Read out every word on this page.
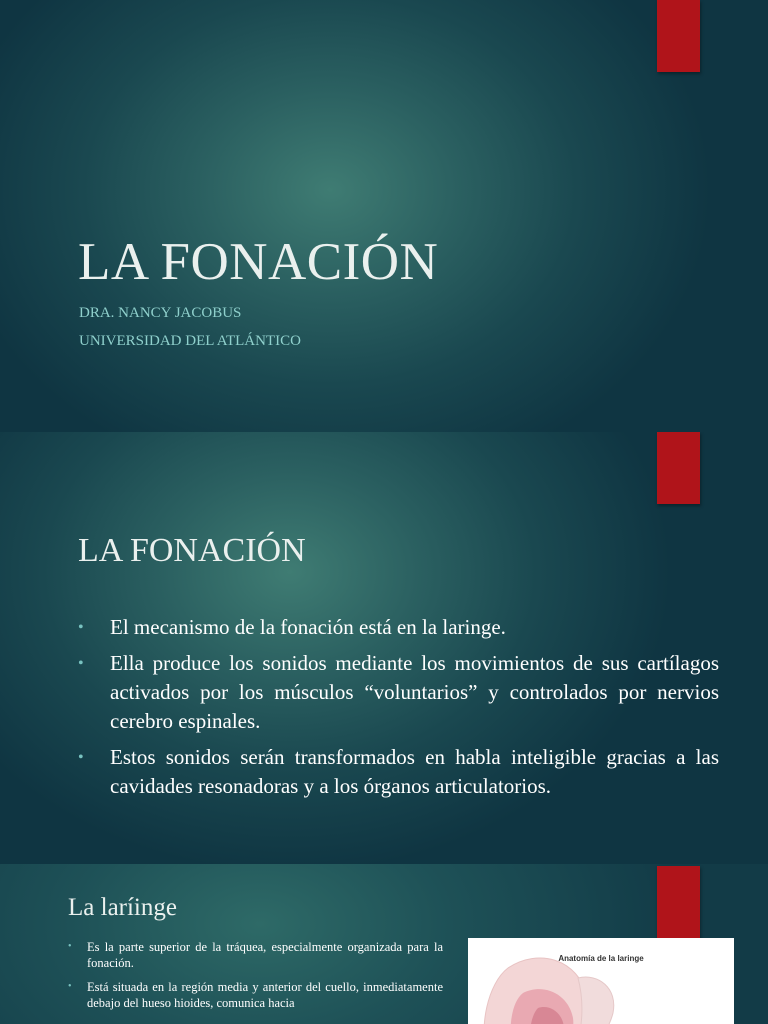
LA FONACIÓN
DRA. NANCY JACOBUS
UNIVERSIDAD DEL ATLÁNTICO
LA FONACIÓN
• El mecanismo de la fonación está en la laringe.
• Ella produce los sonidos mediante los movimientos de sus cartílagos activados por los músculos “voluntarios” y controlados por nervios cerebro espinales.
• Estos sonidos serán transformados en habla inteligible gracias a las cavidades resonadoras y a los órganos articulatorios.
La laríinge
• Es la parte superior de la tráquea, especialmente organizada para la fonación.
• Está situada en la región media y anterior del cuello, inmediatamente debajo del hueso hioides, comunica hacia
Anatomía de la laringe
